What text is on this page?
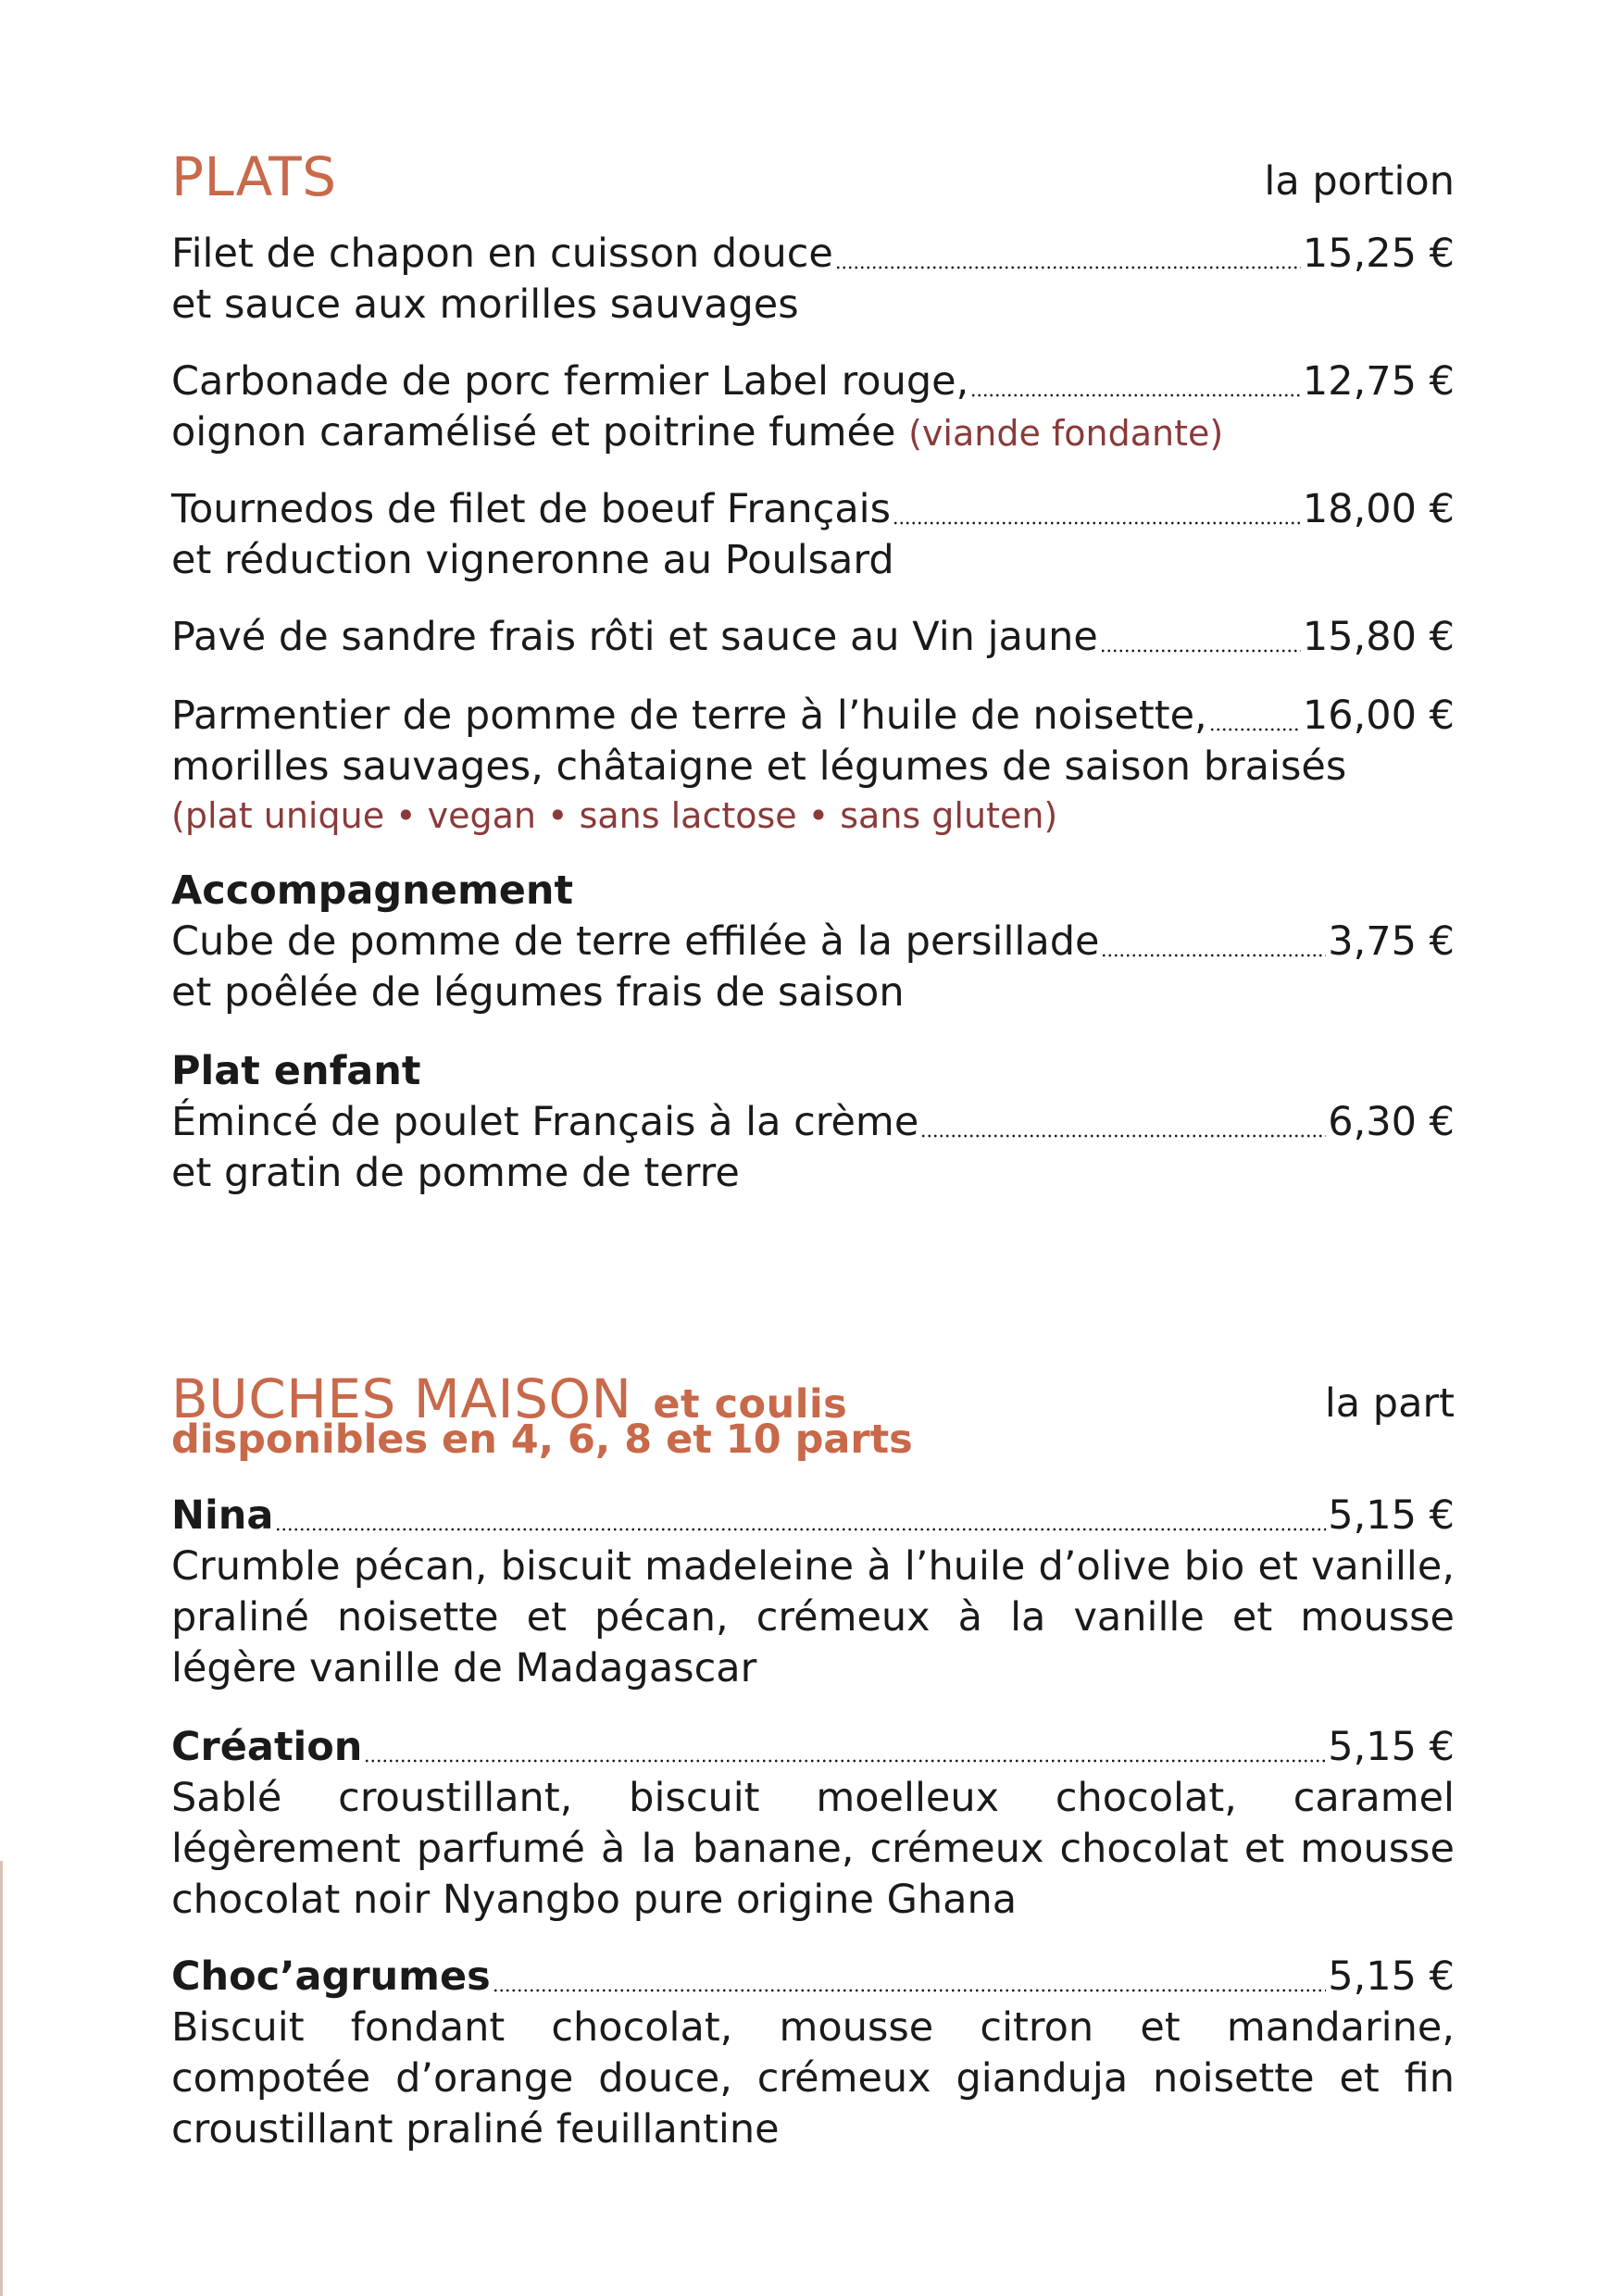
PLATS	la portion
Filet de chapon en cuisson douce	15,25 €
et sauce aux morilles sauvages
Carbonade de porc fermier Label rouge,	12,75 €
oignon caramélisé et poitrine fumée (viande fondante)
Tournedos de filet de boeuf Français	18,00 €
et réduction vigneronne au Poulsard
Pavé de sandre frais rôti et sauce au Vin jaune	15,80 €
Parmentier de pomme de terre à l’huile de noisette, 16,00 €
morilles sauvages, châtaigne et légumes de saison braisés
(plat unique • vegan • sans lactose • sans gluten)
Accompagnement
Cube de pomme de terre effilée à la persillade	3,75 €
et poêlée de légumes frais de saison
Plat enfant
Émincé de poulet Français à la crème	6,30 €
et gratin de pomme de terre
BUCHES MAISON et coulis	la part
disponibles en 4, 6, 8 et 10 parts
Nina	5,15 €
Crumble pécan, biscuit madeleine à l’huile d’olive bio et vanille, praliné noisette et pécan, crémeux à la vanille et mousse légère vanille de Madagascar
Création	5,15 €
Sablé croustillant, biscuit moelleux chocolat, caramel légèrement parfumé à la banane, crémeux chocolat et mousse chocolat noir Nyangbo pure origine Ghana
Choc’agrumes	5,15 €
Biscuit fondant chocolat, mousse citron et mandarine, compotée d’orange douce, crémeux gianduja noisette et fin croustillant praliné feuillantine
